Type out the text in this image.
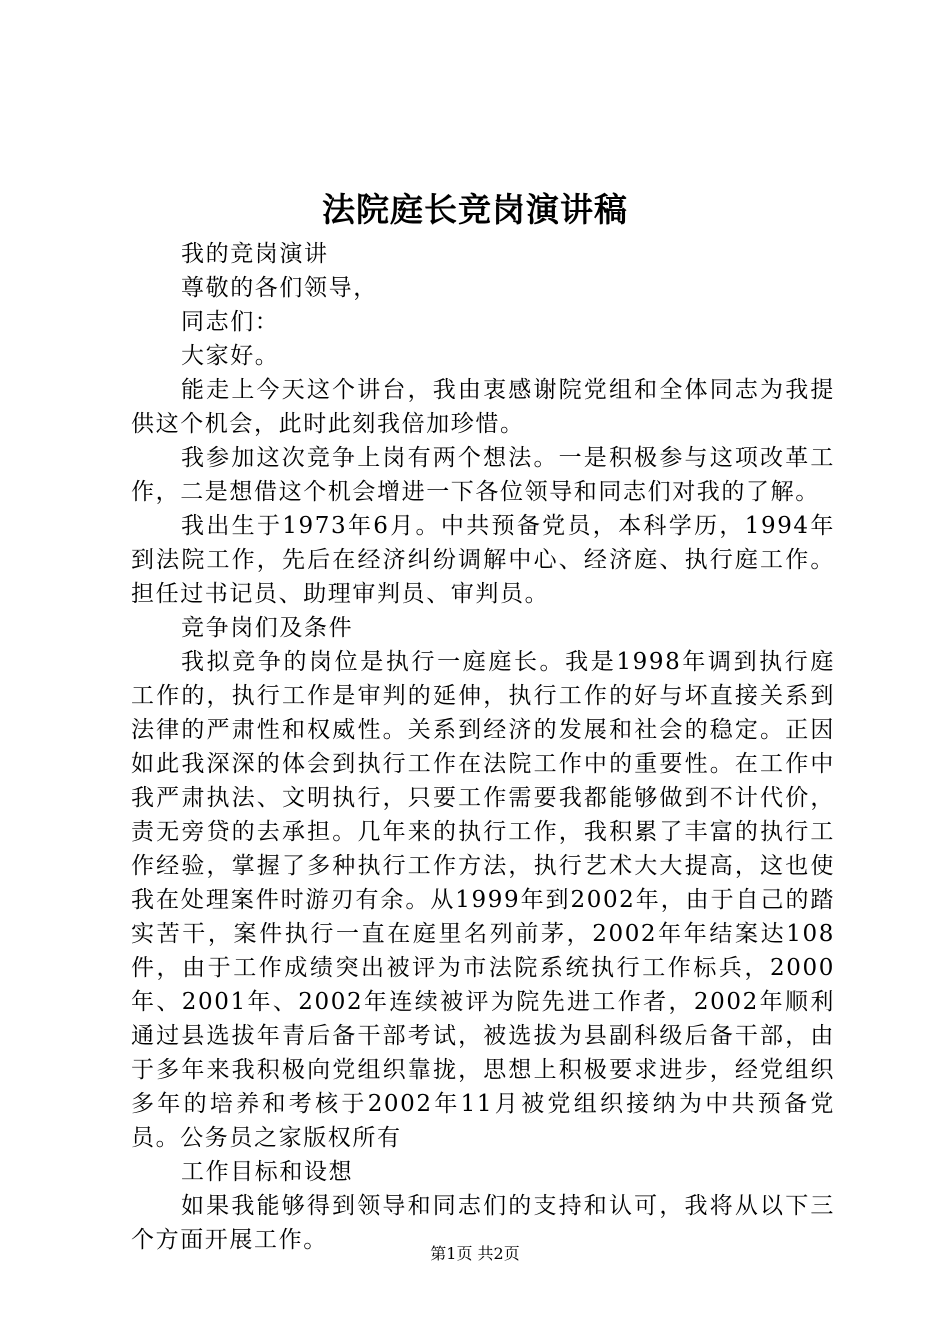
法院庭长竞岗演讲稿

我的竞岗演讲

尊敬的各们领导，

同志们：

大家好。

能走上今天这个讲台，我由衷感谢院党组和全体同志为我提供这个机会，此时此刻我倍加珍惜。

我参加这次竞争上岗有两个想法。一是积极参与这项改革工作，二是想借这个机会增进一下各位领导和同志们对我的了解。

我出生于1973年6月。中共预备党员，本科学历，1994年到法院工作，先后在经济纠纷调解中心、经济庭、执行庭工作。担任过书记员、助理审判员、审判员。

竞争岗们及条件

我拟竞争的岗位是执行一庭庭长。我是1998年调到执行庭工作的，执行工作是审判的延伸，执行工作的好与坏直接关系到法律的严肃性和权威性。关系到经济的发展和社会的稳定。正因如此我深深的体会到执行工作在法院工作中的重要性。在工作中我严肃执法、文明执行，只要工作需要我都能够做到不计代价，责无旁贷的去承担。几年来的执行工作，我积累了丰富的执行工作经验，掌握了多种执行工作方法，执行艺术大大提高，这也使我在处理案件时游刃有余。从1999年到2002年，由于自己的踏实苦干，案件执行一直在庭里名列前茅，2002年年结案达108件，由于工作成绩突出被评为市法院系统执行工作标兵，2000年、2001年、2002年连续被评为院先进工作者，2002年顺利通过县选拔年青后备干部考试，被选拔为县副科级后备干部，由于多年来我积极向党组织靠拢，思想上积极要求进步，经党组织多年的培养和考核于2002年11月被党组织接纳为中共预备党员。公务员之家版权所有

工作目标和设想

如果我能够得到领导和同志们的支持和认可，我将从以下三个方面开展工作。

第1页 共2页
